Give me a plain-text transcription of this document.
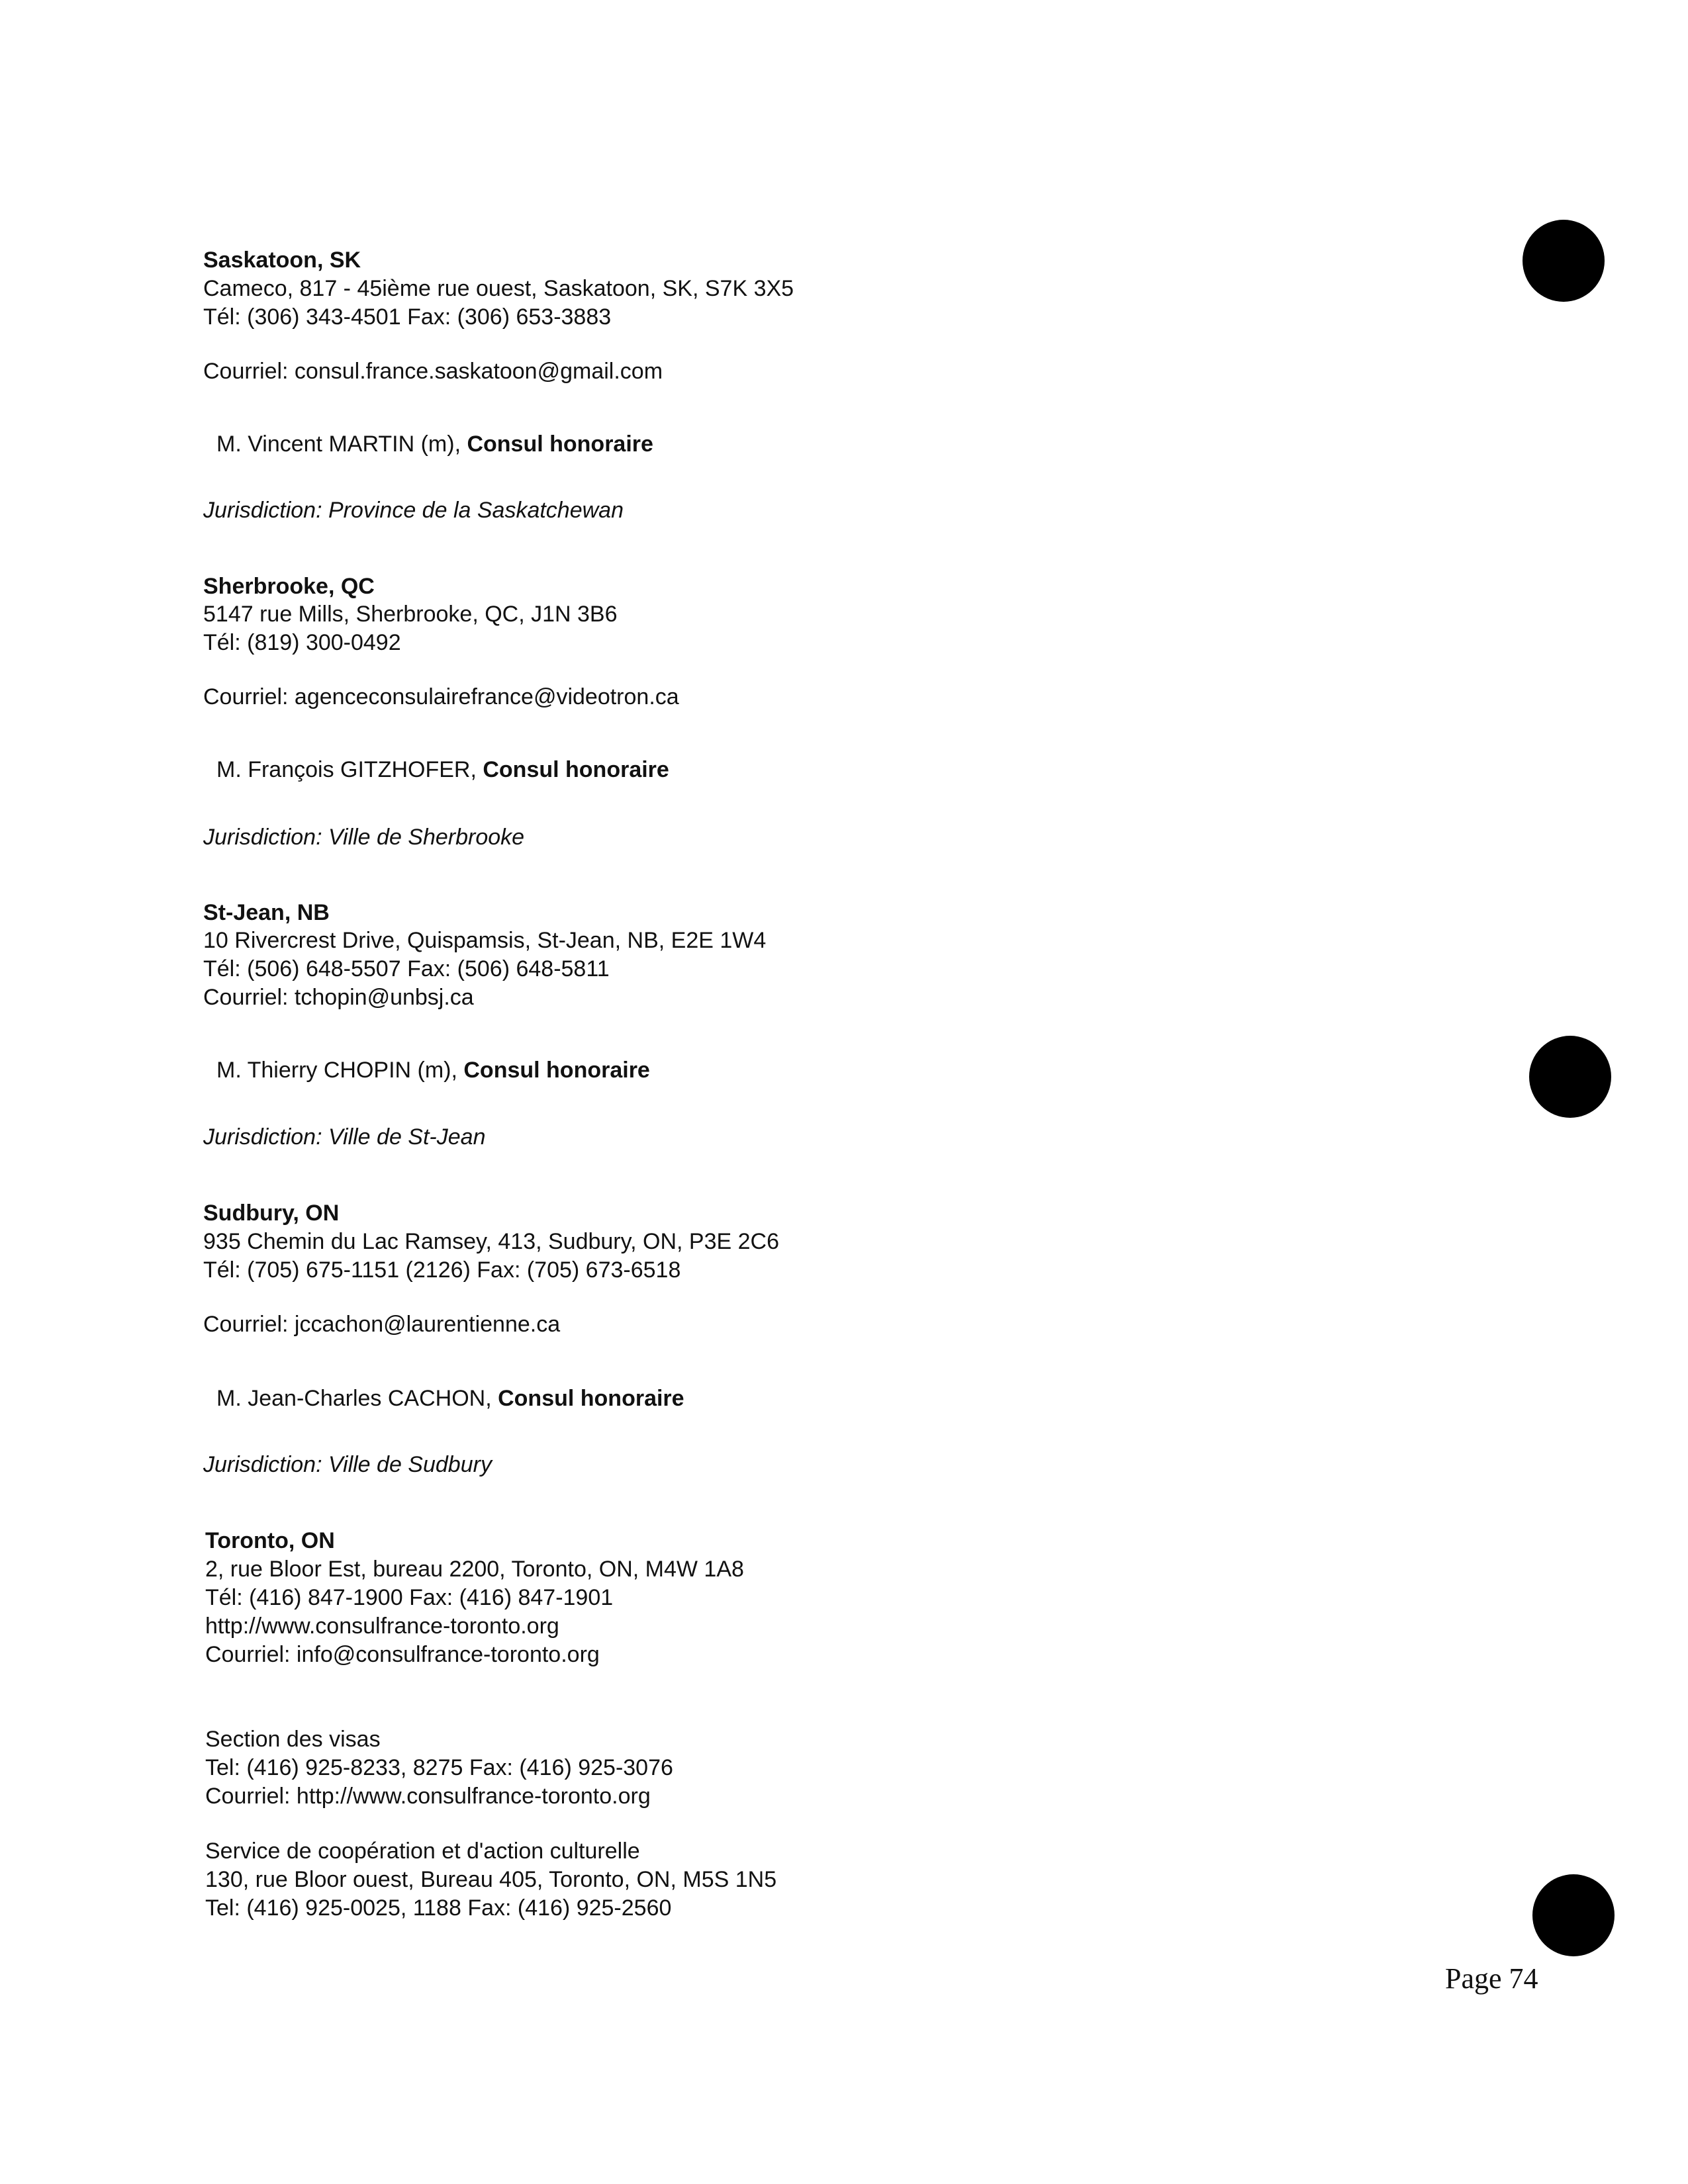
Saskatoon, SK

Cameco, 817 - 45ième rue ouest, Saskatoon, SK, S7K 3X5

Tél: (306) 343-4501 Fax: (306) 653-3883

Courriel: consul.france.saskatoon@gmail.com

M. Vincent MARTIN (m), Consul honoraire

Jurisdiction: Province de la Saskatchewan

Sherbrooke, QC

5147 rue Mills, Sherbrooke, QC, J1N 3B6

Tél: (819) 300-0492

Courriel: agenceconsulairefrance@videotron.ca

M. François GITZHOFER, Consul honoraire

Jurisdiction: Ville de Sherbrooke

St-Jean, NB

10 Rivercrest Drive, Quispamsis, St-Jean, NB, E2E 1W4

Tél: (506) 648-5507 Fax: (506) 648-5811

Courriel: tchopin@unbsj.ca

M. Thierry CHOPIN (m), Consul honoraire

Jurisdiction: Ville de St-Jean

Sudbury, ON

935 Chemin du Lac Ramsey, 413, Sudbury, ON, P3E 2C6

Tél: (705) 675-1151 (2126) Fax: (705) 673-6518

Courriel: jccachon@laurentienne.ca

M. Jean-Charles CACHON, Consul honoraire

Jurisdiction: Ville de Sudbury

Toronto, ON

2, rue Bloor Est, bureau 2200, Toronto, ON, M4W 1A8

Tél: (416) 847-1900 Fax: (416) 847-1901

http://www.consulfrance-toronto.org

Courriel: info@consulfrance-toronto.org

Section des visas

Tel: (416) 925-8233, 8275 Fax: (416) 925-3076

Courriel: http://www.consulfrance-toronto.org

Service de coopération et d'action culturelle

130, rue Bloor ouest, Bureau 405, Toronto, ON, M5S 1N5

Tel: (416) 925-0025, 1188 Fax: (416) 925-2560

Page 74
